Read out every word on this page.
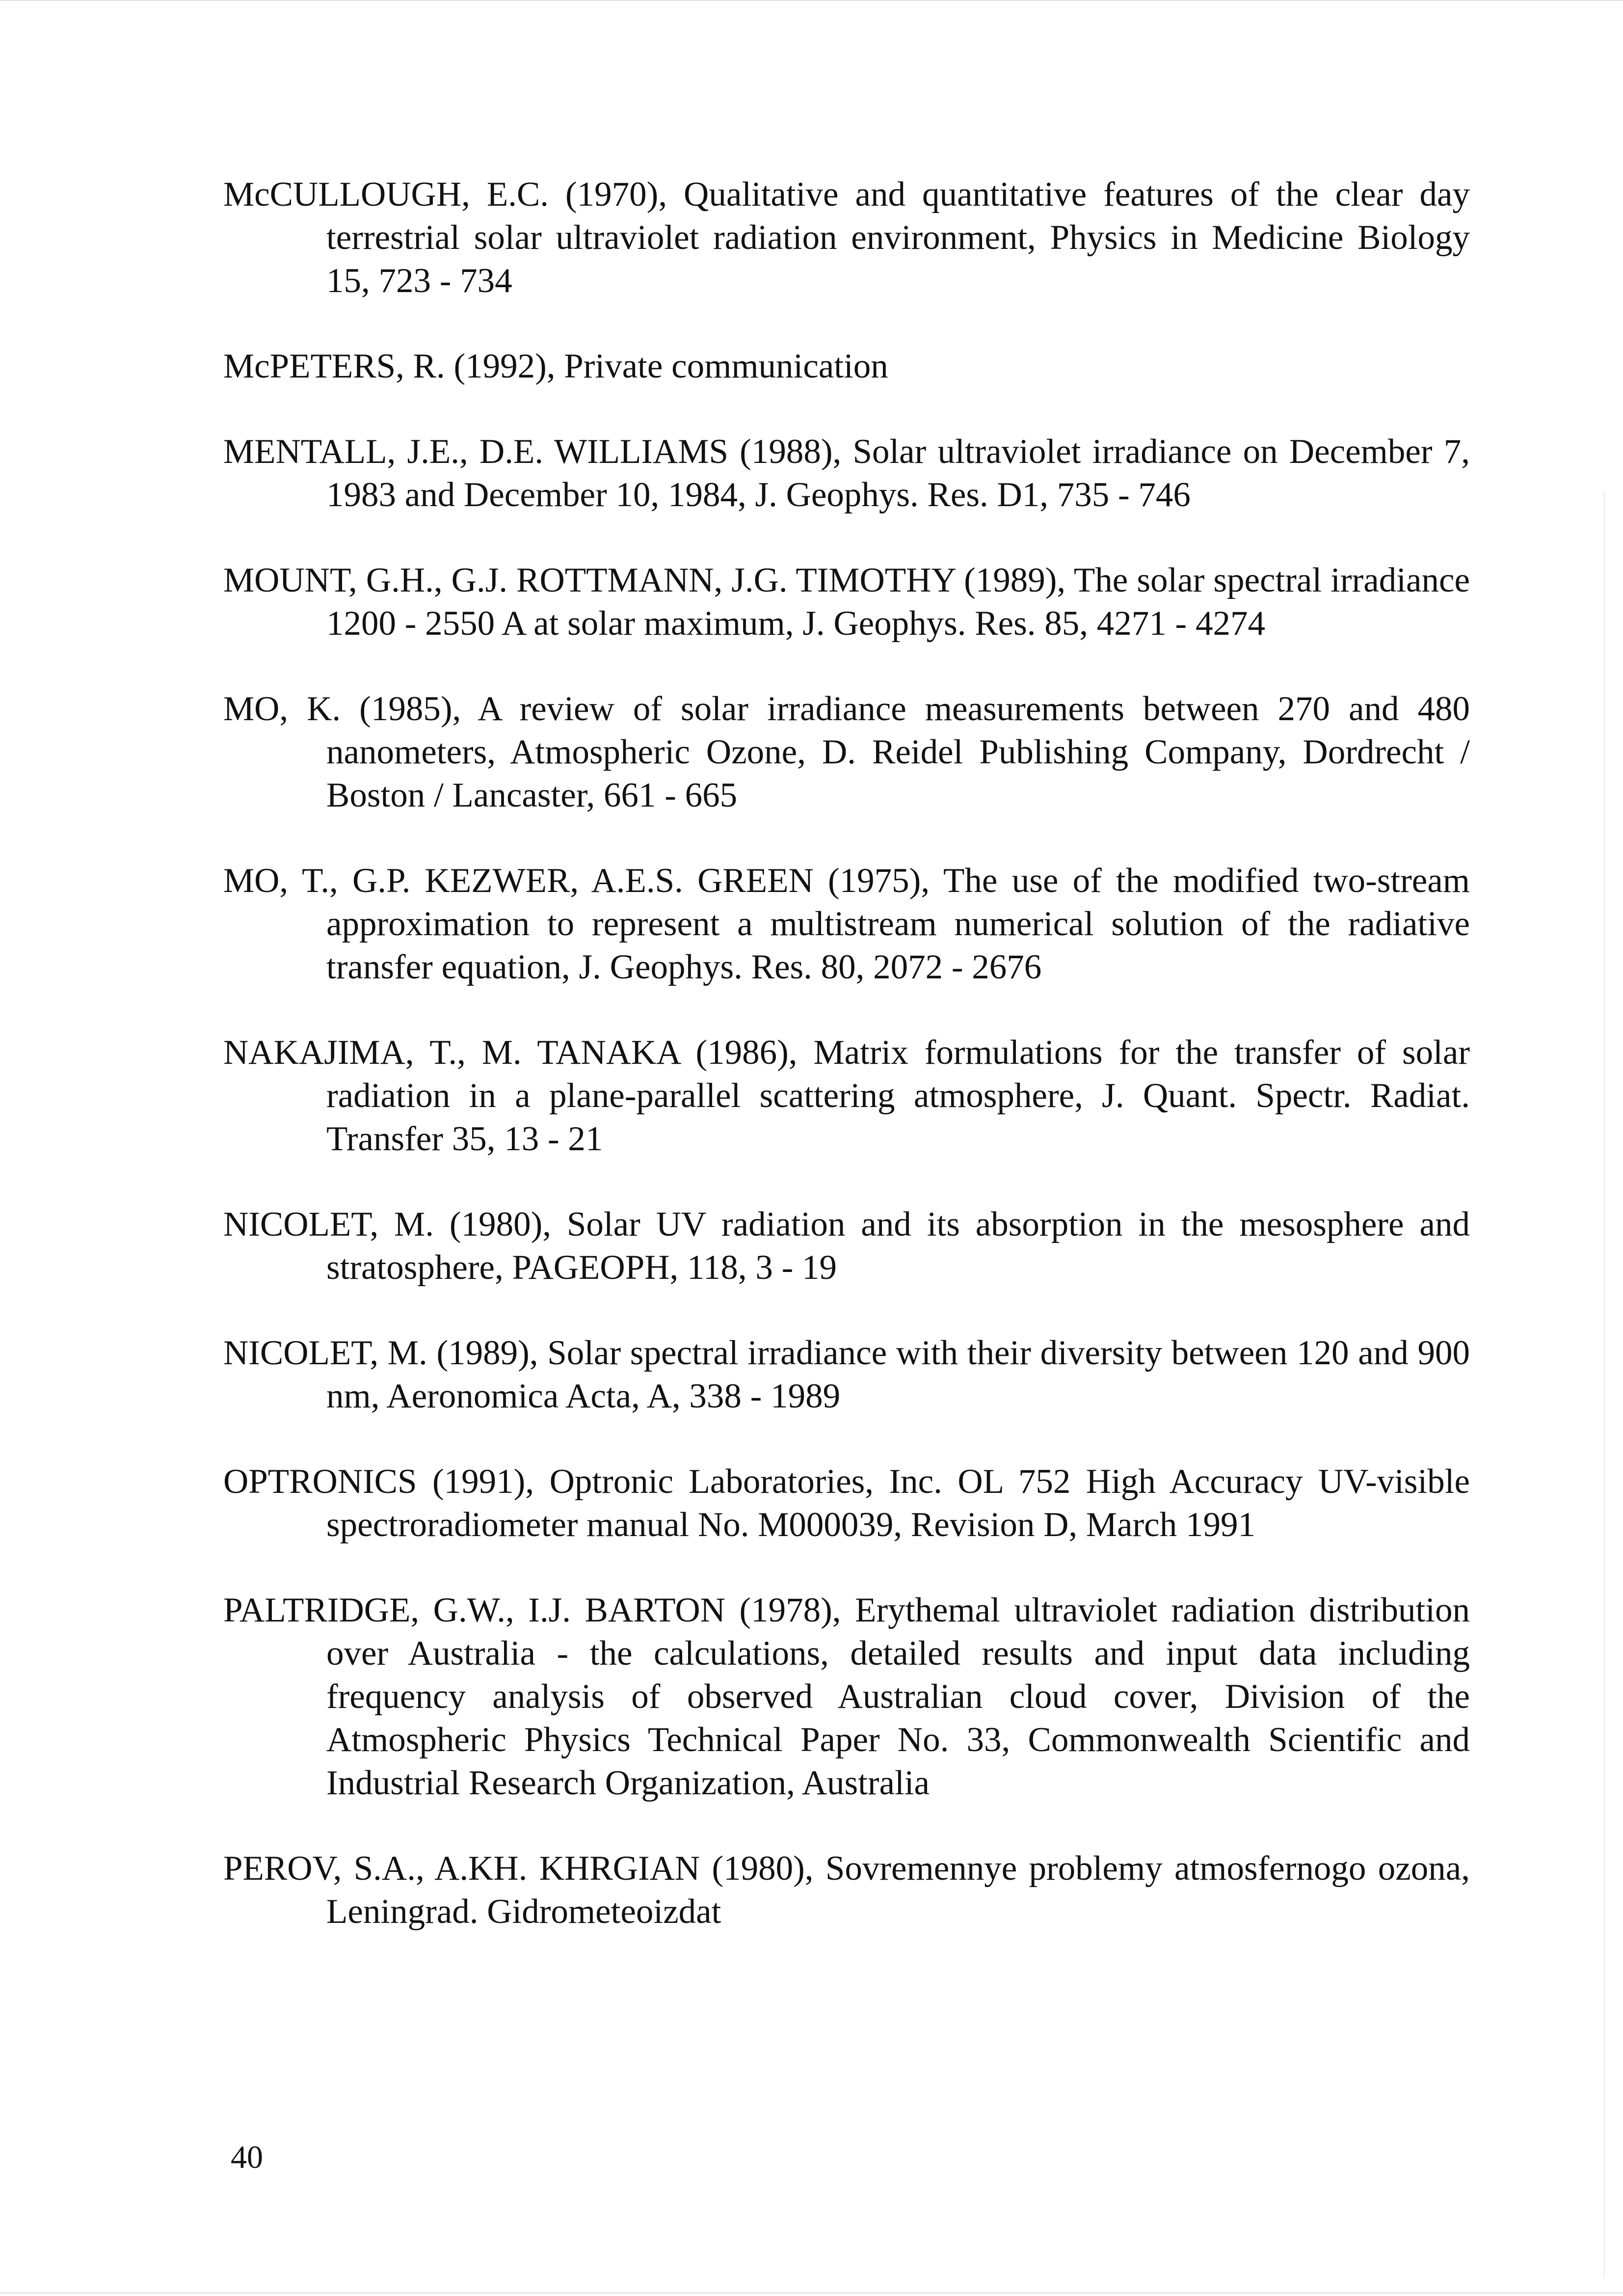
McCULLOUGH, E.C. (1970), Qualitative and quantitative features of the clear day terrestrial solar ultraviolet radiation environment, Physics in Medicine Biology 15, 723 - 734

McPETERS, R. (1992), Private communication

MENTALL, J.E., D.E. WILLIAMS (1988), Solar ultraviolet irradiance on December 7, 1983 and December 10, 1984, J. Geophys. Res. D1, 735 - 746

MOUNT, G.H., G.J. ROTTMANN, J.G. TIMOTHY (1989), The solar spectral irradiance 1200 - 2550 A at solar maximum, J. Geophys. Res. 85, 4271 - 4274

MO, K. (1985), A review of solar irradiance measurements between 270 and 480 nanometers, Atmospheric Ozone, D. Reidel Publishing Company, Dordrecht / Boston / Lancaster, 661 - 665

MO, T., G.P. KEZWER, A.E.S. GREEN (1975), The use of the modified two-stream approximation to represent a multistream numerical solution of the radiative transfer equation, J. Geophys. Res. 80, 2072 - 2676

NAKAJIMA, T., M. TANAKA (1986), Matrix formulations for the transfer of solar radiation in a plane-parallel scattering atmosphere, J. Quant. Spectr. Radiat. Transfer 35, 13 - 21

NICOLET, M. (1980), Solar UV radiation and its absorption in the mesosphere and stratosphere, PAGEOPH, 118, 3 - 19

NICOLET, M. (1989), Solar spectral irradiance with their diversity between 120 and 900 nm, Aeronomica Acta, A, 338 - 1989

OPTRONICS (1991), Optronic Laboratories, Inc. OL 752 High Accuracy UV-visible spectroradiometer manual No. M000039, Revision D, March 1991

PALTRIDGE, G.W., I.J. BARTON (1978), Erythemal ultraviolet radiation distribution over Australia - the calculations, detailed results and input data including frequency analysis of observed Australian cloud cover, Division of the Atmospheric Physics Technical Paper No. 33, Commonwealth Scientific and Industrial Research Organization, Australia

PEROV, S.A., A.KH. KHRGIAN (1980), Sovremennye problemy atmosfernogo ozona, Leningrad. Gidrometeoizdat

40
